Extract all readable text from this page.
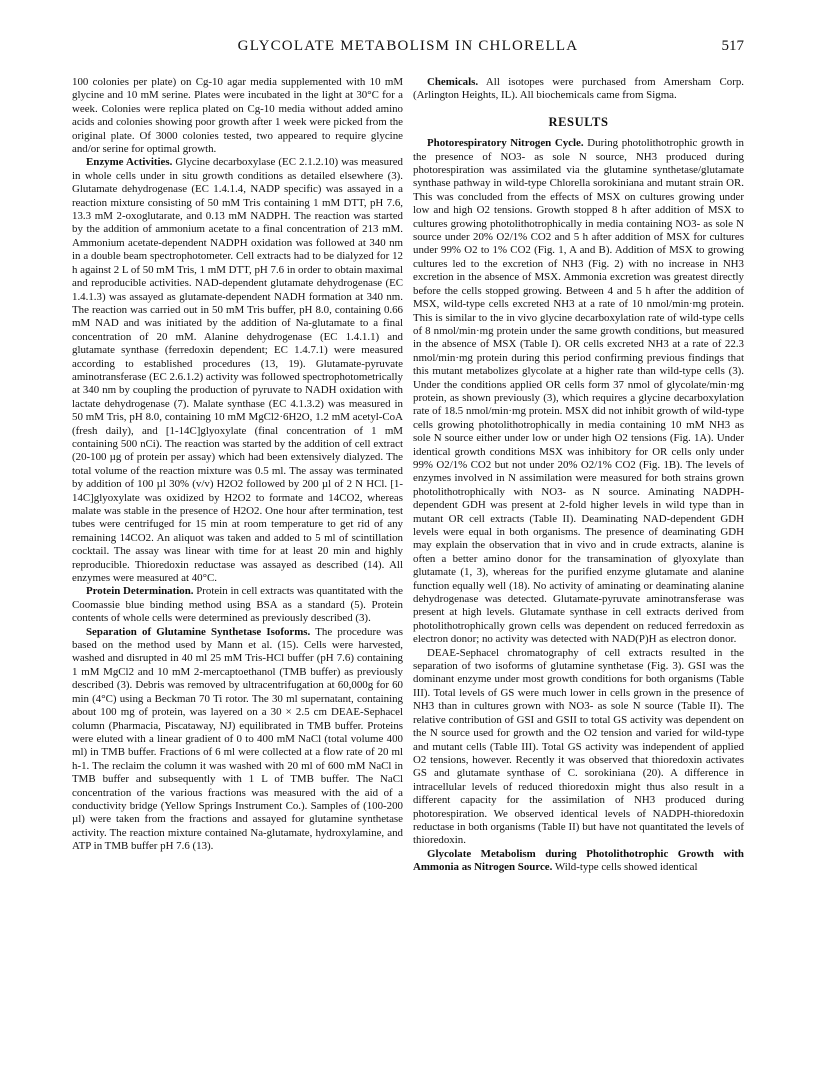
GLYCOLATE METABOLISM IN CHLORELLA	517

100 colonies per plate) on Cg-10 agar media supplemented with 10 mM glycine and 10 mM serine. Plates were incubated in the light at 30°C for a week. Colonies were replica plated on Cg-10 media without added amino acids and colonies showing poor growth after 1 week were picked from the original plate. Of 3000 colonies tested, two appeared to require glycine and/or serine for optimal growth.

Enzyme Activities. Glycine decarboxylase (EC 2.1.2.10) was measured in whole cells under in situ growth conditions as detailed elsewhere (3). Glutamate dehydrogenase (EC 1.4.1.4, NADP specific) was assayed in a reaction mixture consisting of 50 mM Tris containing 1 mM DTT, pH 7.6, 13.3 mM 2-oxoglutarate, and 0.13 mM NADPH. The reaction was started by the addition of ammonium acetate to a final concentration of 213 mM. Ammonium acetate-dependent NADPH oxidation was followed at 340 nm in a double beam spectrophotometer. Cell extracts had to be dialyzed for 12 h against 2 L of 50 mM Tris, 1 mM DTT, pH 7.6 in order to obtain maximal and reproducible activities. NAD-dependent glutamate dehydrogenase (EC 1.4.1.3) was assayed as glutamate-dependent NADH formation at 340 nm. The reaction was carried out in 50 mM Tris buffer, pH 8.0, containing 0.66 mM NAD and was initiated by the addition of Na-glutamate to a final concentration of 20 mM. Alanine dehydrogenase (EC 1.4.1.1) and glutamate synthase (ferredoxin dependent; EC 1.4.7.1) were measured according to established procedures (13, 19). Glutamate-pyruvate aminotransferase (EC 2.6.1.2) activity was followed spectrophotometrically at 340 nm by coupling the production of pyruvate to NADH oxidation with lactate dehydrogenase (7). Malate synthase (EC 4.1.3.2) was measured in 50 mM Tris, pH 8.0, containing 10 mM MgCl2·6H2O, 1.2 mM acetyl-CoA (fresh daily), and [1-14C]glyoxylate (final concentration of 1 mM containing 500 nCi). The reaction was started by the addition of cell extract (20-100 µg of protein per assay) which had been extensively dialyzed. The total volume of the reaction mixture was 0.5 ml. The assay was terminated by addition of 100 µl 30% (v/v) H2O2 followed by 200 µl of 2 N HCl. [1-14C]glyoxylate was oxidized by H2O2 to formate and 14CO2, whereas malate was stable in the presence of H2O2. One hour after termination, test tubes were centrifuged for 15 min at room temperature to get rid of any remaining 14CO2. An aliquot was taken and added to 5 ml of scintillation cocktail. The assay was linear with time for at least 20 min and highly reproducible. Thioredoxin reductase was assayed as described (14). All enzymes were measured at 40°C.

Protein Determination. Protein in cell extracts was quantitated with the Coomassie blue binding method using BSA as a standard (5). Protein contents of whole cells were determined as previously described (3).

Separation of Glutamine Synthetase Isoforms. The procedure was based on the method used by Mann et al. (15). Cells were harvested, washed and disrupted in 40 ml 25 mM Tris-HCl buffer (pH 7.6) containing 1 mM MgCl2 and 10 mM 2-mercaptoethanol (TMB buffer) as previously described (3). Debris was removed by ultracentrifugation at 60,000g for 60 min (4°C) using a Beckman 70 Ti rotor. The 30 ml supernatant, containing about 100 mg of protein, was layered on a 30 × 2.5 cm DEAE-Sephacel column (Pharmacia, Piscataway, NJ) equilibrated in TMB buffer. Proteins were eluted with a linear gradient of 0 to 400 mM NaCl (total volume 400 ml) in TMB buffer. Fractions of 6 ml were collected at a flow rate of 20 ml h-1. The reclaim the column it was washed with 20 ml of 600 mM NaCl in TMB buffer and subsequently with 1 L of TMB buffer. The NaCl concentration of the various fractions was measured with the aid of a conductivity bridge (Yellow Springs Instrument Co.). Samples of (100-200 µl) were taken from the fractions and assayed for glutamine synthetase activity. The reaction mixture contained Na-glutamate, hydroxylamine, and ATP in TMB buffer pH 7.6 (13).

Chemicals. All isotopes were purchased from Amersham Corp. (Arlington Heights, IL). All biochemicals came from Sigma.

RESULTS

Photorespiratory Nitrogen Cycle. During photolithotrophic growth in the presence of NO3- as sole N source, NH3 produced during photorespiration was assimilated via the glutamine synthetase/glutamate synthase pathway in wild-type Chlorella sorokiniana and mutant strain OR. This was concluded from the effects of MSX on cultures growing under low and high O2 tensions. Growth stopped 8 h after addition of MSX to cultures growing photolithotrophically in media containing NO3- as sole N source under 20% O2/1% CO2 and 5 h after addition of MSX for cultures under 99% O2 to 1% CO2 (Fig. 1, A and B). Addition of MSX to growing cultures led to the excretion of NH3 (Fig. 2) with no increase in NH3 excretion in the absence of MSX. Ammonia excretion was greatest directly before the cells stopped growing. Between 4 and 5 h after the addition of MSX, wild-type cells excreted NH3 at a rate of 10 nmol/min·mg protein. This is similar to the in vivo glycine decarboxylation rate of wild-type cells of 8 nmol/min·mg protein under the same growth conditions, but measured in the absence of MSX (Table I). OR cells excreted NH3 at a rate of 22.3 nmol/min·mg protein during this period confirming previous findings that this mutant metabolizes glycolate at a higher rate than wild-type cells (3). Under the conditions applied OR cells form 37 nmol of glycolate/min·mg protein, as shown previously (3), which requires a glycine decarboxylation rate of 18.5 nmol/min·mg protein. MSX did not inhibit growth of wild-type cells growing photolithotrophically in media containing 10 mM NH3 as sole N source either under low or under high O2 tensions (Fig. 1A). Under identical growth conditions MSX was inhibitory for OR cells only under 99% O2/1% CO2 but not under 20% O2/1% CO2 (Fig. 1B). The levels of enzymes involved in N assimilation were measured for both strains grown photolithotrophically with NO3- as N source. Aminating NADPH-dependent GDH was present at 2-fold higher levels in wild type than in mutant OR cell extracts (Table II). Deaminating NAD-dependent GDH levels were equal in both organisms. The presence of deaminating GDH may explain the observation that in vivo and in crude extracts, alanine is often a better amino donor for the transamination of glyoxylate than glutamate (1, 3), whereas for the purified enzyme glutamate and alanine function equally well (18). No activity of aminating or deaminating alanine dehydrogenase was detected. Glutamate-pyruvate aminotransferase was present at high levels. Glutamate synthase in cell extracts derived from photolithotrophically grown cells was dependent on reduced ferredoxin as electron donor; no activity was detected with NAD(P)H as electron donor.

DEAE-Sephacel chromatography of cell extracts resulted in the separation of two isoforms of glutamine synthetase (Fig. 3). GSI was the dominant enzyme under most growth conditions for both organisms (Table III). Total levels of GS were much lower in cells grown in the presence of NH3 than in cultures grown with NO3- as sole N source (Table II). The relative contribution of GSI and GSII to total GS activity was dependent on the N source used for growth and the O2 tension and varied for wild-type and mutant cells (Table III). Total GS activity was independent of applied O2 tensions, however. Recently it was observed that thioredoxin activates GS and glutamate synthase of C. sorokiniana (20). A difference in intracellular levels of reduced thioredoxin might thus also result in a different capacity for the assimilation of NH3 produced during photorespiration. We observed identical levels of NADPH-thioredoxin reductase in both organisms (Table II) but have not quantitated the levels of thioredoxin.

Glycolate Metabolism during Photolithotrophic Growth with Ammonia as Nitrogen Source. Wild-type cells showed identical
